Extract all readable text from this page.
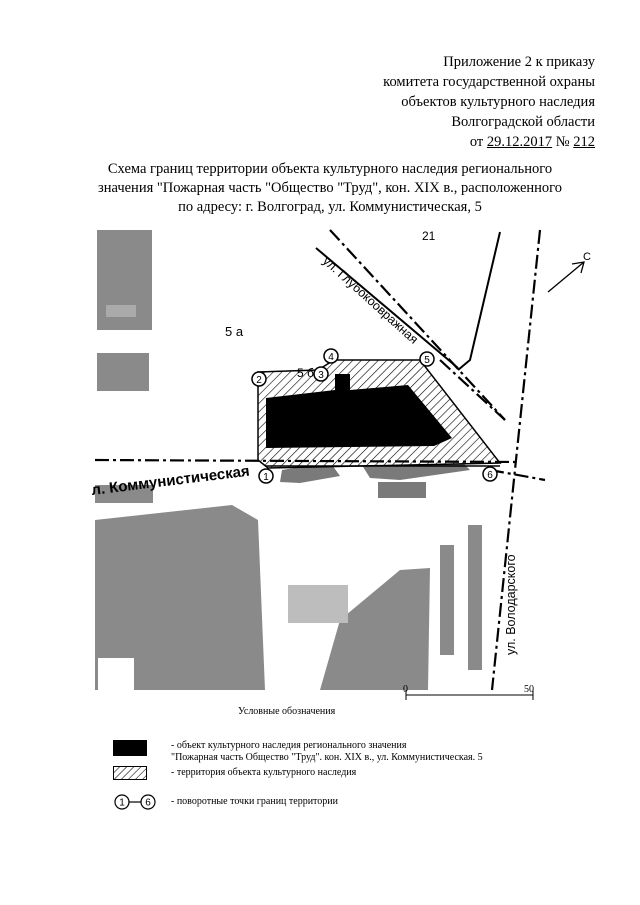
Приложение 2 к приказу
комитета государственной охраны
объектов культурного наследия
Волгоградской области
от 29.12.2017 № 212
Схема границ территории объекта культурного наследия регионального
значения "Пожарная часть "Общество "Труд", кон. XIX в., расположенного
по адресу: г. Волгоград, ул. Коммунистическая, 5
ул. Глубокоовражная
л. Коммунистическая
ул. Володарского
21
5 а
5 б
С
1
2	3
4	5
6
0	50
Условные обозначения
- объект культурного наследия регионального значения
"Пожарная часть Общество "Труд". кон. XIX в., ул. Коммунистическая. 5
- территория объекта культурного наследия
1 6 - поворотные точки границ территории
